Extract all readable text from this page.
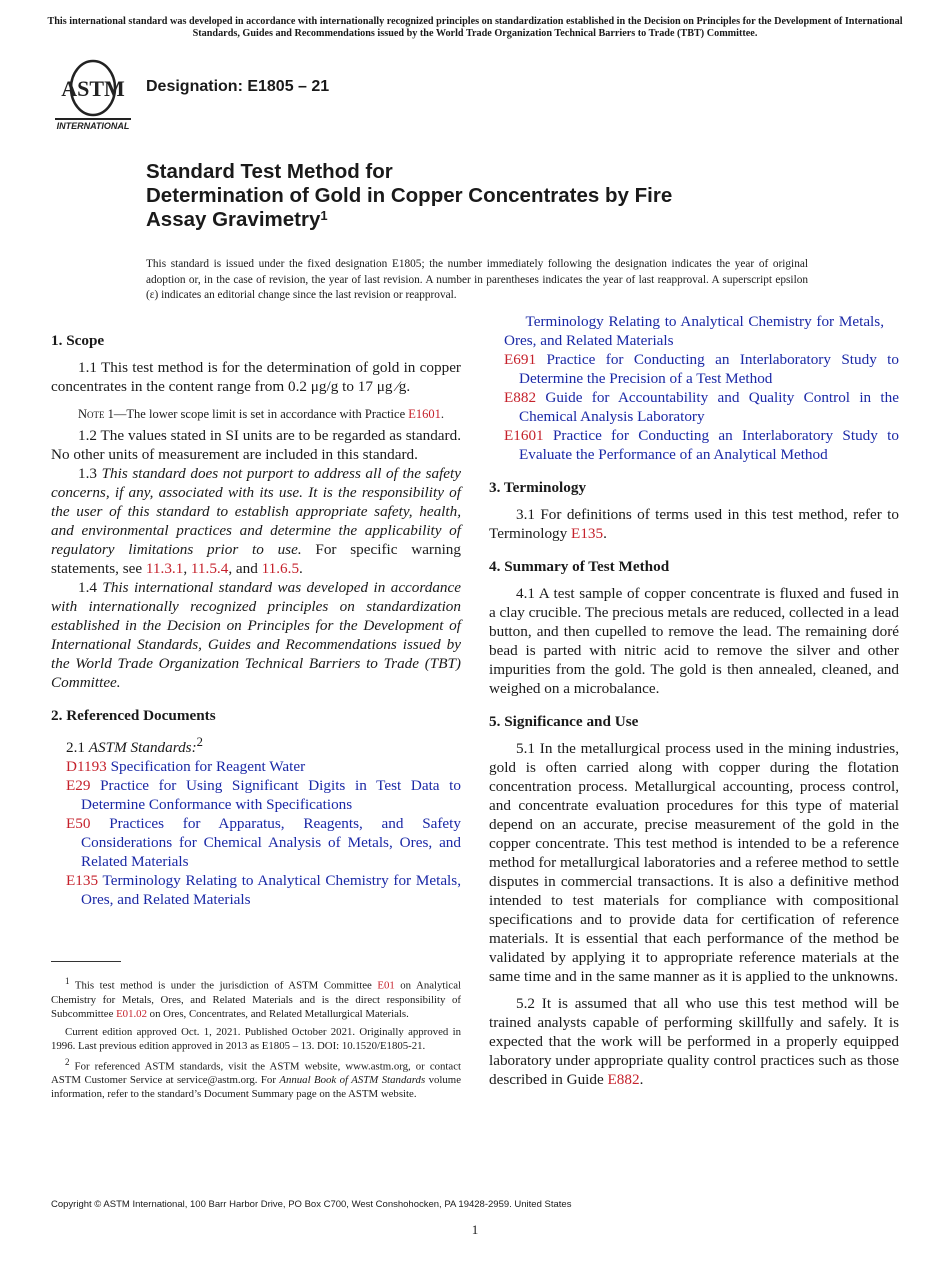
This international standard was developed in accordance with internationally recognized principles on standardization established in the Decision on Principles for the Development of International Standards, Guides and Recommendations issued by the World Trade Organization Technical Barriers to Trade (TBT) Committee.
ASTM
INTERNATIONAL
Designation: E1805 – 21
Standard Test Method for
Determination of Gold in Copper Concentrates by Fire
Assay Gravimetry$^1$
This standard is issued under the fixed designation E1805; the number immediately following the designation indicates the year of original adoption or, in the case of revision, the year of last revision. A number in parentheses indicates the year of last reapproval. A superscript epsilon (ε) indicates an editorial change since the last revision or reapproval.
1. Scope

1.1 This test method is for the determination of gold in copper concentrates in the content range from 0.2 μg/g to 17 μg ⁄g.

Note 1—The lower scope limit is set in accordance with Practice E1601.

1.2 The values stated in SI units are to be regarded as standard. No other units of measurement are included in this standard.

1.3 This standard does not purport to address all of the safety concerns, if any, associated with its use. It is the responsibility of the user of this standard to establish appropriate safety, health, and environmental practices and determine the applicability of regulatory limitations prior to use. For specific warning statements, see 11.3.1, 11.5.4, and 11.6.5.

1.4 This international standard was developed in accordance with internationally recognized principles on standardization established in the Decision on Principles for the Development of International Standards, Guides and Recommendations issued by the World Trade Organization Technical Barriers to Trade (TBT) Committee.

2. Referenced Documents

2.1 ASTM Standards:$^2$

D1193 Specification for Reagent Water

E29 Practice for Using Significant Digits in Test Data to Determine Conformance with Specifications

E50 Practices for Apparatus, Reagents, and Safety Considerations for Chemical Analysis of Metals, Ores, and Related Materials

E135 Terminology Relating to Analytical Chemistry for Metals, Ores, and Related Materials

Terminology Relating to Analytical Chemistry for Metals, Ores, and Related Materials

E691 Practice for Conducting an Interlaboratory Study to Determine the Precision of a Test Method

E882 Guide for Accountability and Quality Control in the Chemical Analysis Laboratory

E1601 Practice for Conducting an Interlaboratory Study to Evaluate the Performance of an Analytical Method

3. Terminology

3.1 For definitions of terms used in this test method, refer to Terminology E135.

4. Summary of Test Method

4.1 A test sample of copper concentrate is fluxed and fused in a clay crucible. The precious metals are reduced, collected in a lead button, and then cupelled to remove the lead. The remaining doré bead is parted with nitric acid to remove the silver and other impurities from the gold. The gold is then annealed, cleaned, and weighed on a microbalance.

5. Significance and Use

5.1 In the metallurgical process used in the mining industries, gold is often carried along with copper during the flotation concentration process. Metallurgical accounting, process control, and concentrate evaluation procedures for this type of material depend on an accurate, precise measurement of the gold in the copper concentrate. This test method is intended to be a reference method for metallurgical laboratories and a referee method to settle disputes in commercial transactions. It is also a definitive method intended to test materials for compliance with compositional specifications and to provide data for certification of reference materials. It is essential that each performance of the method be validated by applying it to appropriate reference materials at the same time and in the same manner as it is applied to the unknowns.

5.2 It is assumed that all who use this test method will be trained analysts capable of performing skillfully and safely. It is expected that the work will be performed in a properly equipped laboratory under appropriate quality control practices such as those described in Guide E882.

$^1$ This test method is under the jurisdiction of ASTM Committee E01 on Analytical Chemistry for Metals, Ores, and Related Materials and is the direct responsibility of Subcommittee E01.02 on Ores, Concentrates, and Related Metallurgical Materials.

Current edition approved Oct. 1, 2021. Published October 2021. Originally approved in 1996. Last previous edition approved in 2013 as E1805 – 13. DOI: 10.1520/E1805-21.

$^2$ For referenced ASTM standards, visit the ASTM website, www.astm.org, or contact ASTM Customer Service at service@astm.org. For Annual Book of ASTM Standards volume information, refer to the standard’s Document Summary page on the ASTM website.

Copyright © ASTM International, 100 Barr Harbor Drive, PO Box C700, West Conshohocken, PA 19428-2959. United States
1
